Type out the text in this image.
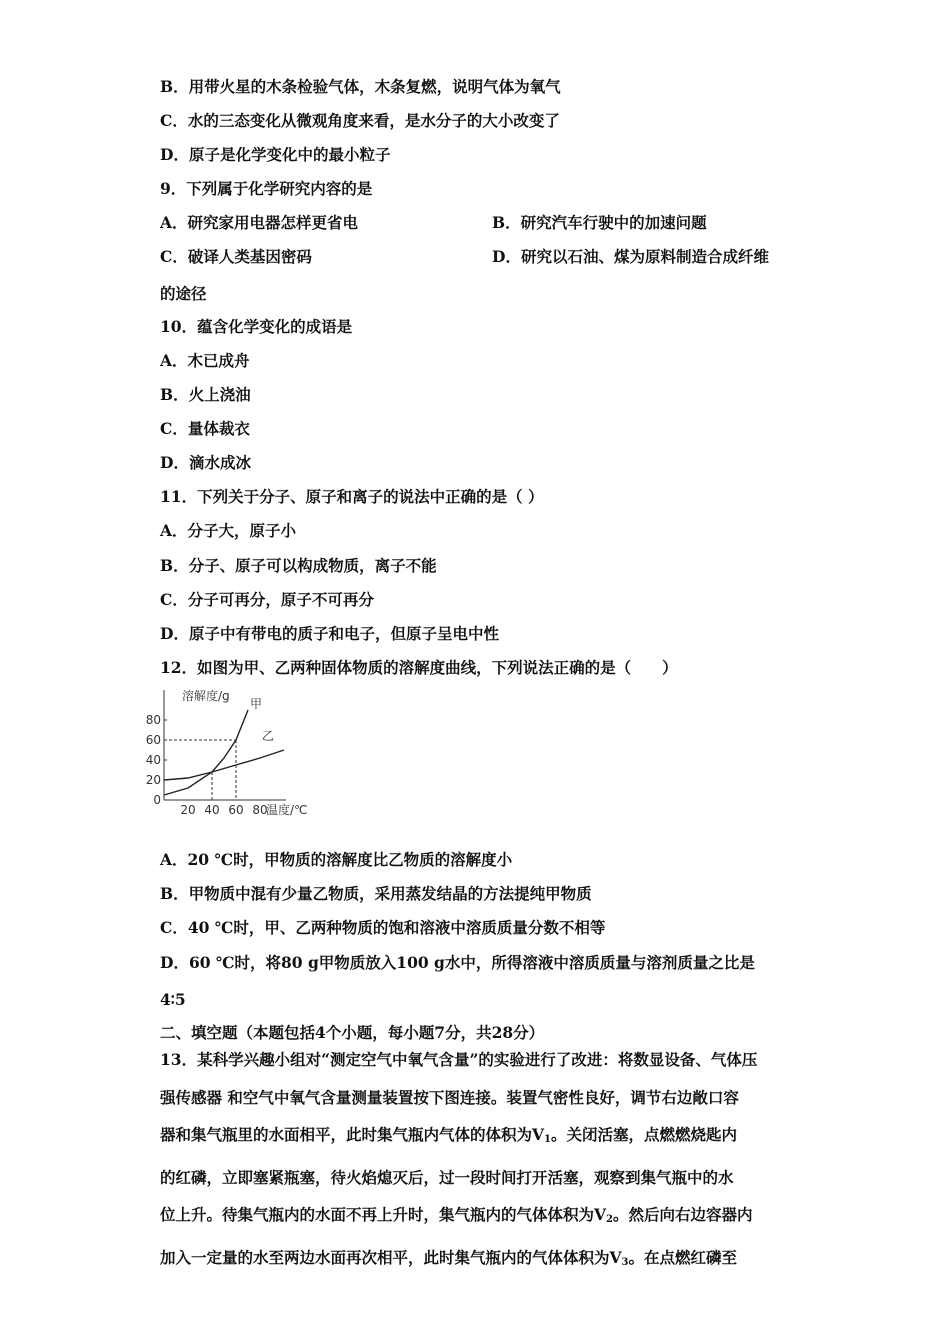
B．用带火星的木条检验气体，木条复燃，说明气体为氧气
C．水的三态变化从微观角度来看，是水分子的大小改变了
D．原子是化学变化中的最小粒子
9．下列属于化学研究内容的是
A．研究家用电器怎样更省电	B．研究汽车行驶中的加速问题
C．破译人类基因密码	D．研究以石油、煤为原料制造合成纤维
的途径
10．蕴含化学变化的成语是
A．木已成舟
B．火上浇油
C．量体裁衣
D．滴水成冰
11．下列关于分子、原子和离子的说法中正确的是（ ）
A．分子大，原子小
B．分子、原子可以构成物质，离子不能
C．分子可再分，原子不可再分
D．原子中有带电的质子和电子，但原子呈电中性
12．如图为甲、乙两种固体物质的溶解度曲线，下列说法正确的是（　　）
溶解度/g
温度/℃
0
20
40
60
80
20 40 60 80
甲
乙
A．20 ℃时，甲物质的溶解度比乙物质的溶解度小
B．甲物质中混有少量乙物质，采用蒸发结晶的方法提纯甲物质
C．40 ℃时，甲、乙两种物质的饱和溶液中溶质质量分数不相等
D．60 ℃时，将80 g甲物质放入100 g水中，所得溶液中溶质质量与溶剂质量之比是
4∶5
二、填空题（本题包括4个小题，每小题7分，共28分）
13．某科学兴趣小组对“测定空气中氧气含量”的实验进行了改进：将数显设备、气体压
强传感器 和空气中氧气含量测量装置按下图连接。装置气密性良好，调节右边敞口容
器和集气瓶里的水面相平，此时集气瓶内气体的体积为$V_1$。关闭活塞，点燃燃烧匙内
的红磷，立即塞紧瓶塞，待火焰熄灭后，过一段时间打开活塞，观察到集气瓶中的水
位上升。待集气瓶内的水面不再上升时，集气瓶内的气体体积为$V_2$。然后向右边容器内
加入一定量的水至两边水面再次相平，此时集气瓶内的气体体积为$V_3$。在点燃红磷至
